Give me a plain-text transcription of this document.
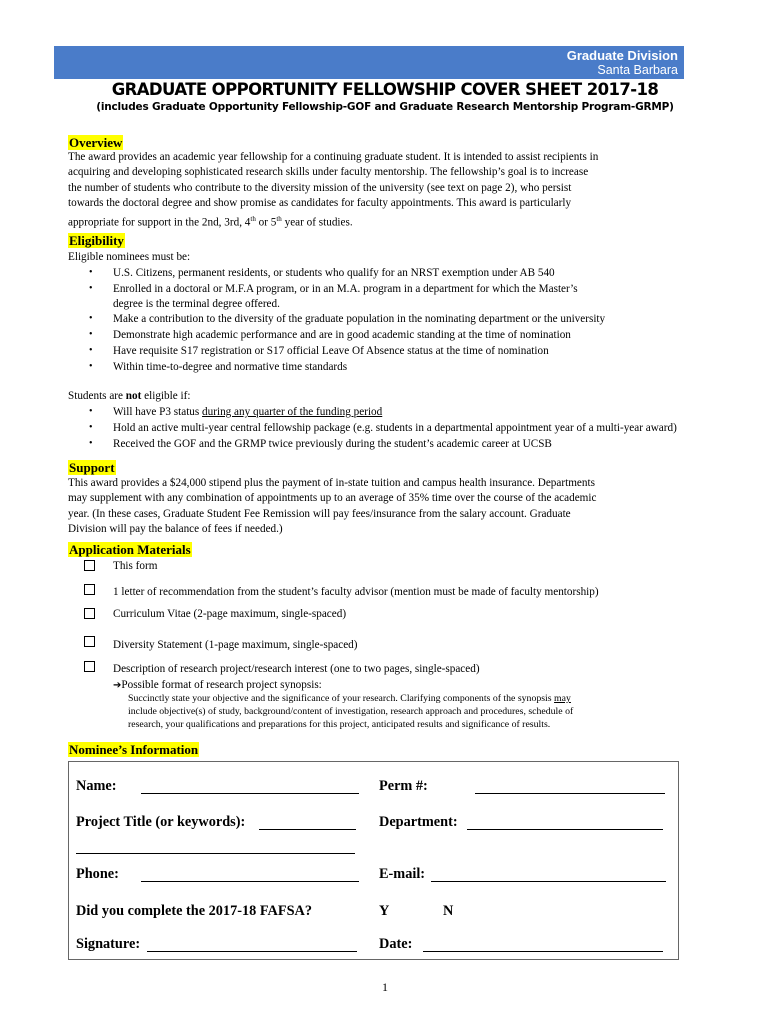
Graduate Division
Santa Barbara
GRADUATE OPPORTUNITY FELLOWSHIP COVER SHEET 2017-18
(includes Graduate Opportunity Fellowship-GOF and Graduate Research Mentorship Program-GRMP)
Overview
The award provides an academic year fellowship for a continuing graduate student. It is intended to assist recipients in
acquiring and developing sophisticated research skills under faculty mentorship. The fellowship’s goal is to increase
the number of students who contribute to the diversity mission of the university (see text on page 2), who persist
towards the doctoral degree and show promise as candidates for faculty appointments. This award is particularly
appropriate for support in the 2nd, 3rd, 4th or 5th year of studies.
Eligibility
Eligible nominees must be:
• U.S. Citizens, permanent residents, or students who qualify for an NRST exemption under AB 540
• Enrolled in a doctoral or M.F.A program, or in an M.A. program in a department for which the Master’s
degree is the terminal degree offered.
• Make a contribution to the diversity of the graduate population in the nominating department or the university
• Demonstrate high academic performance and are in good academic standing at the time of nomination
• Have requisite S17 registration or S17 official Leave Of Absence status at the time of nomination
• Within time-to-degree and normative time standards
Students are not eligible if:
• Will have P3 status during any quarter of the funding period
• Hold an active multi-year central fellowship package (e.g. students in a departmental appointment year of a multi-year award)
• Received the GOF and the GRMP twice previously during the student’s academic career at UCSB
Support
This award provides a $24,000 stipend plus the payment of in-state tuition and campus health insurance. Departments
may supplement with any combination of appointments up to an average of 35% time over the course of the academic
year. (In these cases, Graduate Student Fee Remission will pay fees/insurance from the salary account. Graduate
Division will pay the balance of fees if needed.)
Application Materials
This form
1 letter of recommendation from the student’s faculty advisor (mention must be made of faculty mentorship)
Curriculum Vitae (2-page maximum, single-spaced)
Diversity Statement (1-page maximum, single-spaced)
Description of research project/research interest (one to two pages, single-spaced)
➔Possible format of research project synopsis:
Succinctly state your objective and the significance of your research. Clarifying components of the synopsis may
include objective(s) of study, background/content of investigation, research approach and procedures, schedule of
research, your qualifications and preparations for this project, anticipated results and significance of results.
Nominee’s Information
Name:	Perm #:
Project Title (or keywords):	Department:
Phone:	E-mail:
Did you complete the 2017-18 FAFSA?	Y	N
Signature:	Date:
1
